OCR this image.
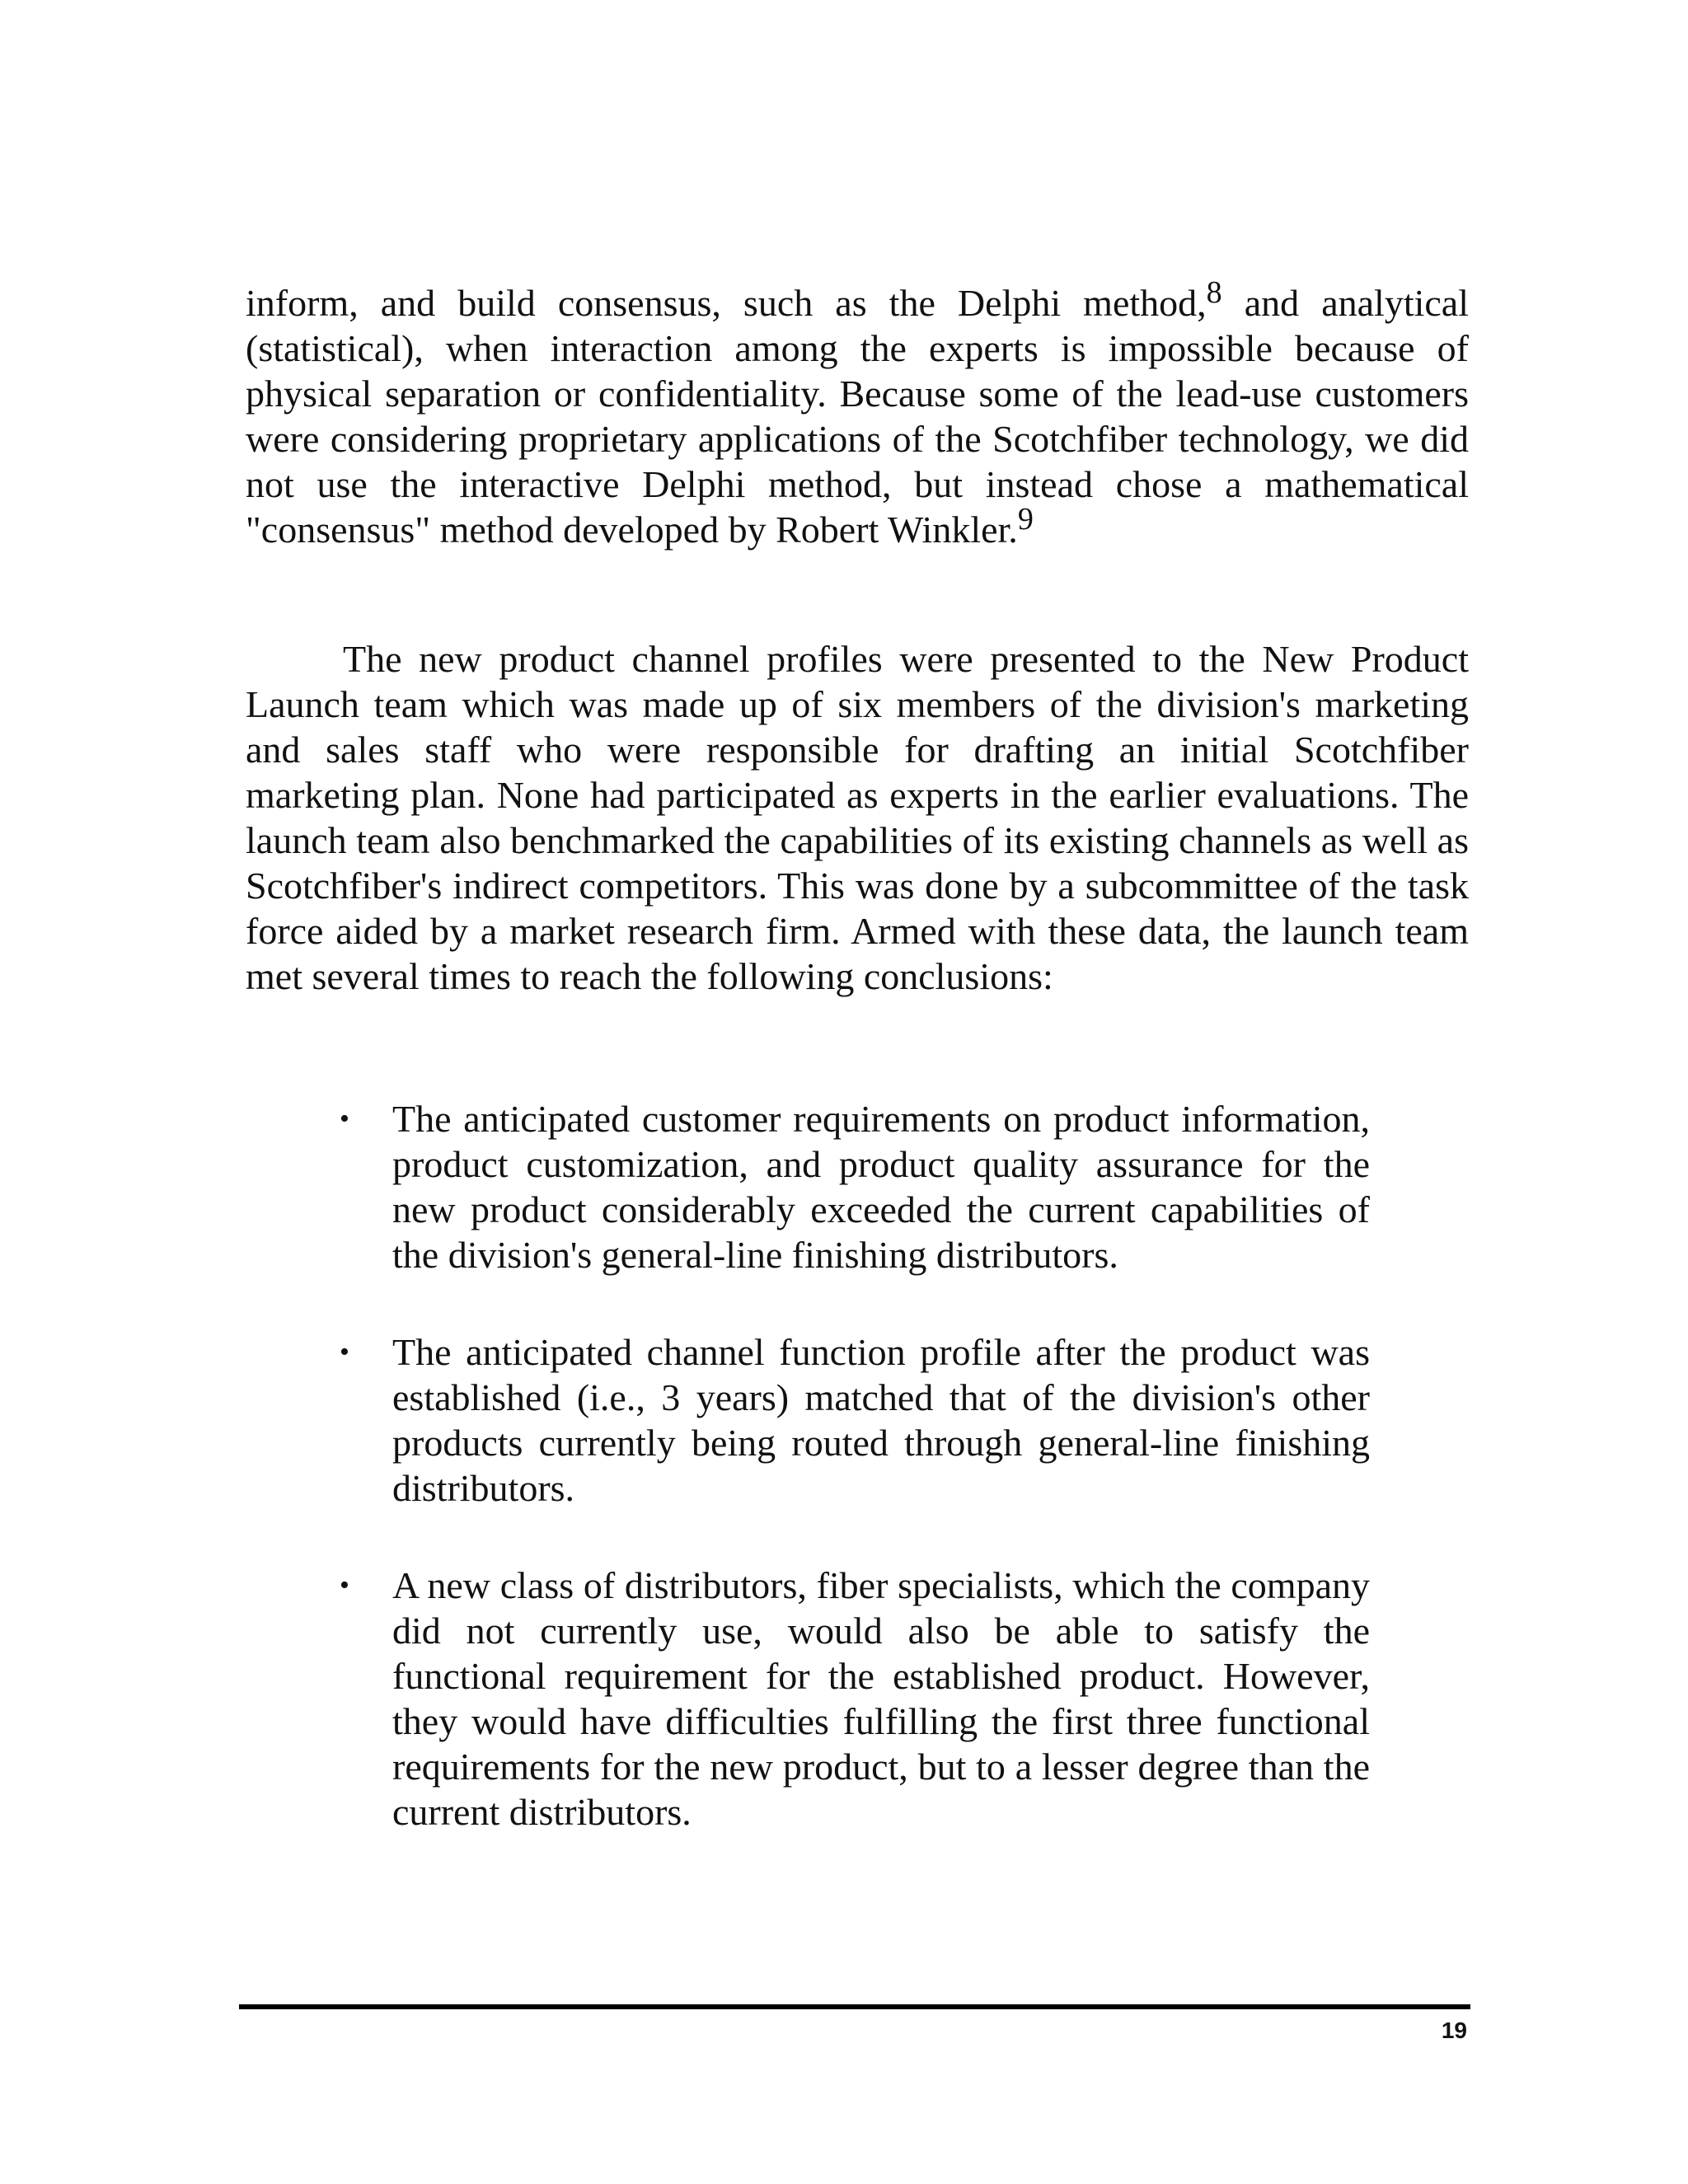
inform, and build consensus, such as the Delphi method,$^8$ and analytical (statistical), when interaction among the experts is impossible because of physical separation or confidentiality. Because some of the lead-use customers were considering proprietary applications of the Scotchfiber technology, we did not use the interactive Delphi method, but instead chose a mathematical "consensus" method developed by Robert Winkler.$^9$

The new product channel profiles were presented to the New Product Launch team which was made up of six members of the division's marketing and sales staff who were responsible for drafting an initial Scotchfiber marketing plan. None had participated as experts in the earlier evaluations. The launch team also benchmarked the capabilities of its existing channels as well as Scotchfiber's indirect competitors. This was done by a subcommittee of the task force aided by a market research firm. Armed with these data, the launch team met several times to reach the following conclusions:

• The anticipated customer requirements on product information, product customization, and product quality assurance for the new product considerably exceeded the current capabilities of the division's general-line finishing distributors.
• The anticipated channel function profile after the product was established (i.e., 3 years) matched that of the division's other products currently being routed through general-line finishing distributors.
• A new class of distributors, fiber specialists, which the company did not currently use, would also be able to satisfy the functional requirement for the established product. However, they would have difficulties fulfilling the first three functional requirements for the new product, but to a lesser degree than the current distributors.
19
